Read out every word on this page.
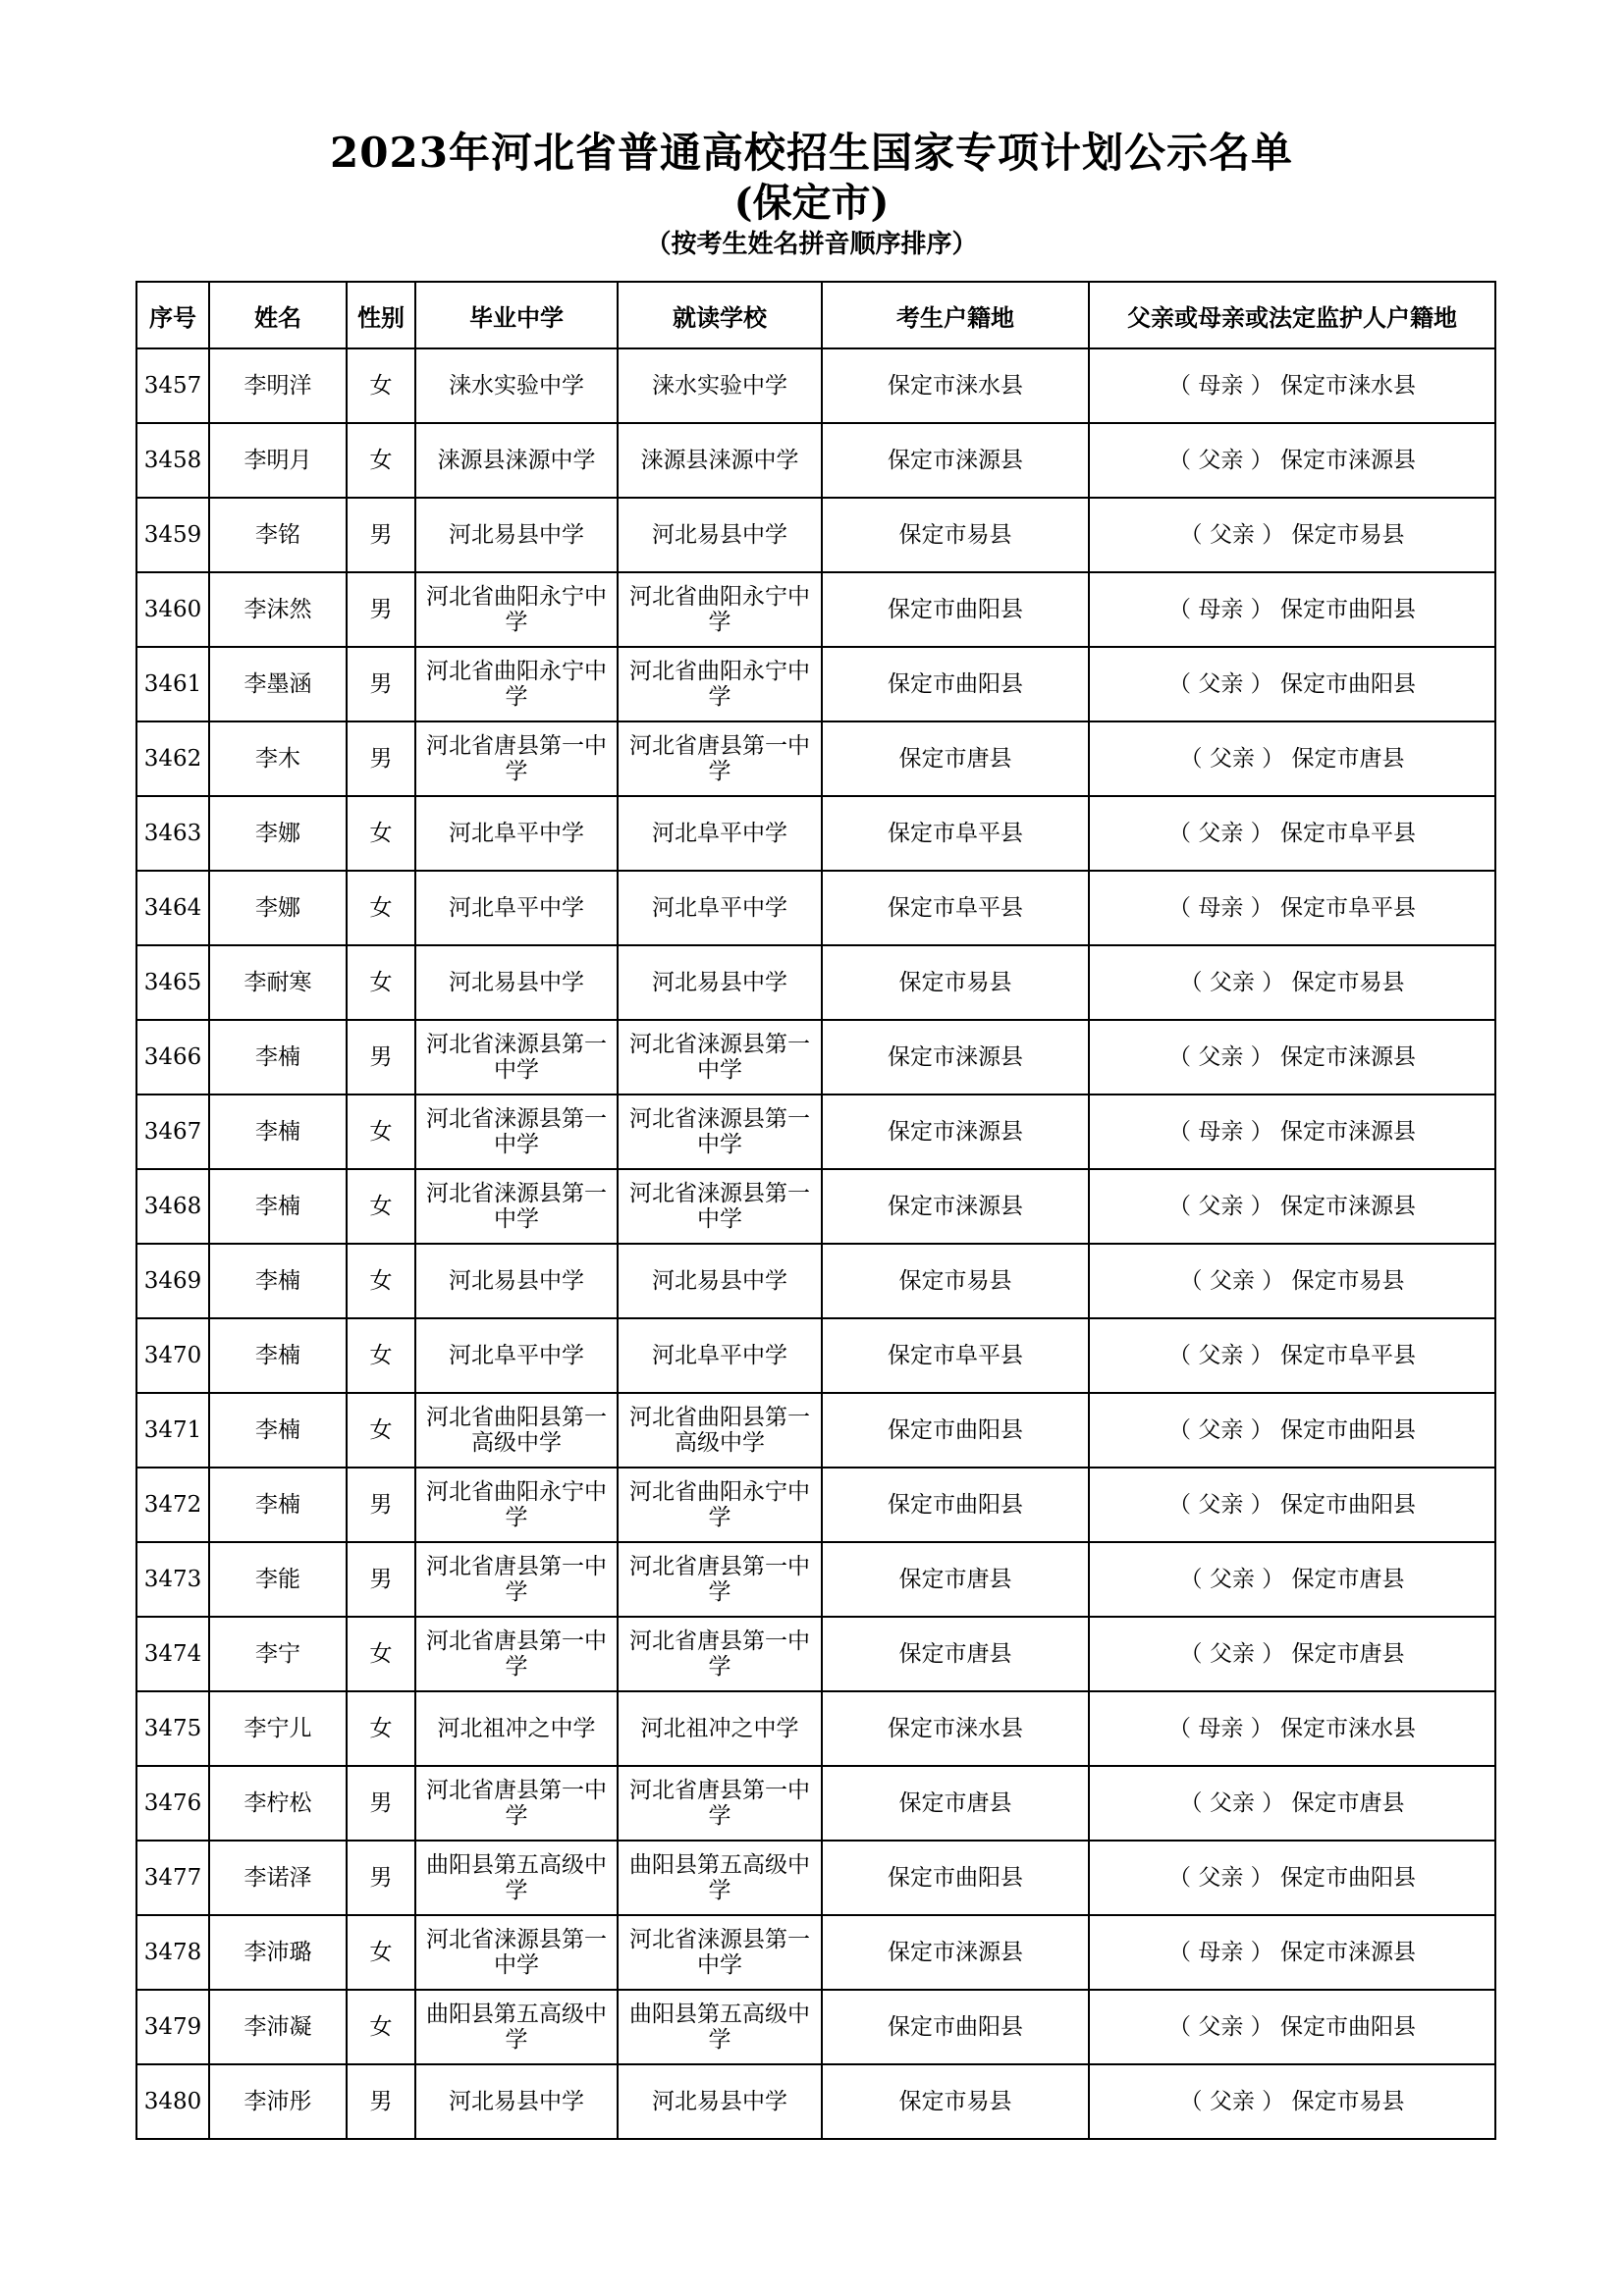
2023年河北省普通高校招生国家专项计划公示名单
(保定市)
（按考生姓名拼音顺序排序）
序号	姓名	性别	毕业中学	就读学校	考生户籍地	父亲或母亲或法定监护人户籍地
3457	李明洋	女	涞水实验中学	涞水实验中学	保定市涞水县	（ 母亲 ） 保定市涞水县
3458	李明月	女	涞源县涞源中学	涞源县涞源中学	保定市涞源县	（ 父亲 ） 保定市涞源县
3459	李铭	男	河北易县中学	河北易县中学	保定市易县	（ 父亲 ） 保定市易县
3460	李沫然	男	河北省曲阳永宁中学	河北省曲阳永宁中学	保定市曲阳县	（ 母亲 ） 保定市曲阳县
3461	李墨涵	男	河北省曲阳永宁中学	河北省曲阳永宁中学	保定市曲阳县	（ 父亲 ） 保定市曲阳县
3462	李木	男	河北省唐县第一中学	河北省唐县第一中学	保定市唐县	（ 父亲 ） 保定市唐县
3463	李娜	女	河北阜平中学	河北阜平中学	保定市阜平县	（ 父亲 ） 保定市阜平县
3464	李娜	女	河北阜平中学	河北阜平中学	保定市阜平县	（ 母亲 ） 保定市阜平县
3465	李耐寒	女	河北易县中学	河北易县中学	保定市易县	（ 父亲 ） 保定市易县
3466	李楠	男	河北省涞源县第一中学	河北省涞源县第一中学	保定市涞源县	（ 父亲 ） 保定市涞源县
3467	李楠	女	河北省涞源县第一中学	河北省涞源县第一中学	保定市涞源县	（ 母亲 ） 保定市涞源县
3468	李楠	女	河北省涞源县第一中学	河北省涞源县第一中学	保定市涞源县	（ 父亲 ） 保定市涞源县
3469	李楠	女	河北易县中学	河北易县中学	保定市易县	（ 父亲 ） 保定市易县
3470	李楠	女	河北阜平中学	河北阜平中学	保定市阜平县	（ 父亲 ） 保定市阜平县
3471	李楠	女	河北省曲阳县第一高级中学	河北省曲阳县第一高级中学	保定市曲阳县	（ 父亲 ） 保定市曲阳县
3472	李楠	男	河北省曲阳永宁中学	河北省曲阳永宁中学	保定市曲阳县	（ 父亲 ） 保定市曲阳县
3473	李能	男	河北省唐县第一中学	河北省唐县第一中学	保定市唐县	（ 父亲 ） 保定市唐县
3474	李宁	女	河北省唐县第一中学	河北省唐县第一中学	保定市唐县	（ 父亲 ） 保定市唐县
3475	李宁儿	女	河北祖冲之中学	河北祖冲之中学	保定市涞水县	（ 母亲 ） 保定市涞水县
3476	李柠松	男	河北省唐县第一中学	河北省唐县第一中学	保定市唐县	（ 父亲 ） 保定市唐县
3477	李诺泽	男	曲阳县第五高级中学	曲阳县第五高级中学	保定市曲阳县	（ 父亲 ） 保定市曲阳县
3478	李沛璐	女	河北省涞源县第一中学	河北省涞源县第一中学	保定市涞源县	（ 母亲 ） 保定市涞源县
3479	李沛凝	女	曲阳县第五高级中学	曲阳县第五高级中学	保定市曲阳县	（ 父亲 ） 保定市曲阳县
3480	李沛彤	男	河北易县中学	河北易县中学	保定市易县	（ 父亲 ） 保定市易县
